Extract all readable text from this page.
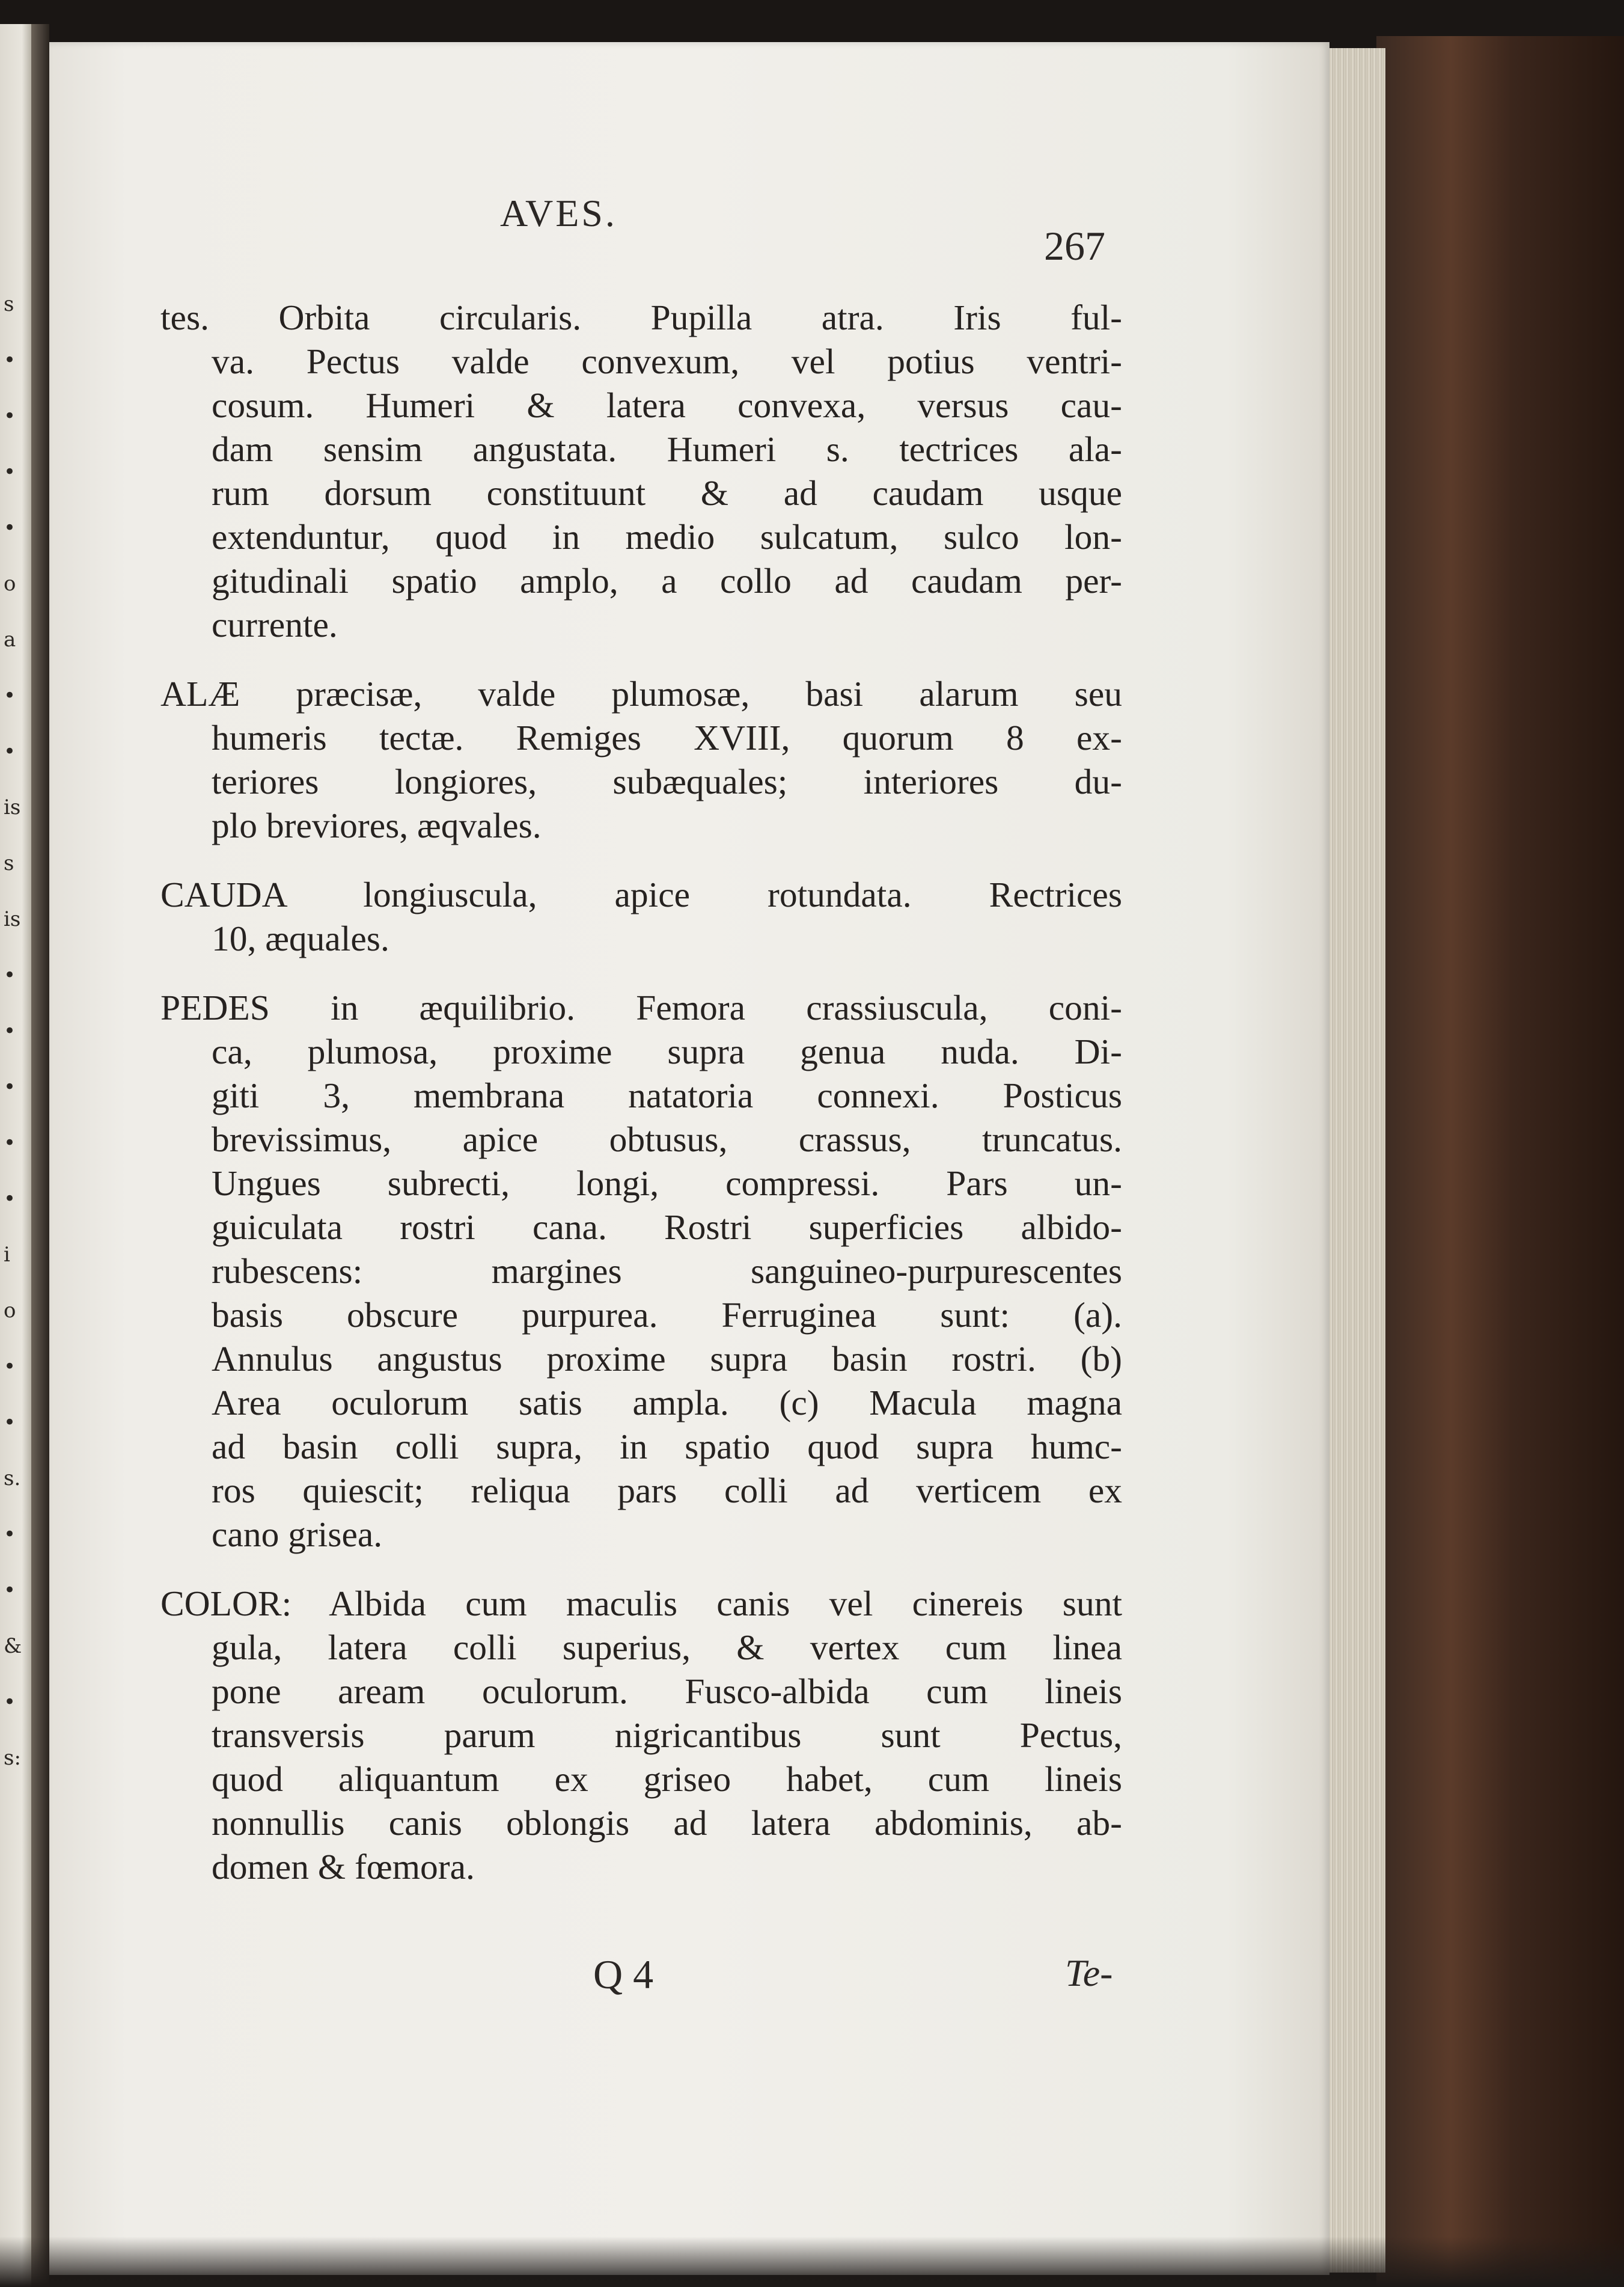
s
•
•
•
•
o
a
•
•
is
s
is
•
•
•
•
•
i
o
•
•
s.
•
•
&
•
s:
AVES.
267
tes. Orbita circularis. Pupilla atra. Iris ful-
va. Pectus valde convexum, vel potius ventri-
cosum. Humeri & latera convexa, versus cau-
dam sensim angustata. Humeri s. tectrices ala-
rum dorsum constituunt & ad caudam usque
extenduntur, quod in medio sulcatum, sulco lon-
gitudinali spatio amplo, a collo ad caudam per-
currente.
ALÆ præcisæ, valde plumosæ, basi alarum seu
humeris tectæ. Remiges XVIII, quorum 8 ex-
teriores longiores, subæquales; interiores du-
plo breviores, æqvales.
CAUDA longiuscula, apice rotundata. Rectrices
10, æquales.
PEDES in æquilibrio. Femora crassiuscula, coni-
ca, plumosa, proxime supra genua nuda. Di-
giti 3, membrana natatoria connexi. Posticus
brevissimus, apice obtusus, crassus, truncatus.
Ungues subrecti, longi, compressi. Pars un-
guiculata rostri cana. Rostri superficies albido-
rubescens: margines sanguineo-purpurescentes
basis obscure purpurea. Ferruginea sunt: (a).
Annulus angustus proxime supra basin rostri. (b)
Area oculorum satis ampla. (c) Macula magna
ad basin colli supra, in spatio quod supra humc-
ros quiescit; reliqua pars colli ad verticem ex
cano grisea.
COLOR: Albida cum maculis canis vel cinereis sunt
gula, latera colli superius, & vertex cum linea
pone aream oculorum. Fusco-albida cum lineis
transversis parum nigricantibus sunt Pectus,
quod aliquantum ex griseo habet, cum lineis
nonnullis canis oblongis ad latera abdominis, ab-
domen & fœmora.
Q 4	Te-
